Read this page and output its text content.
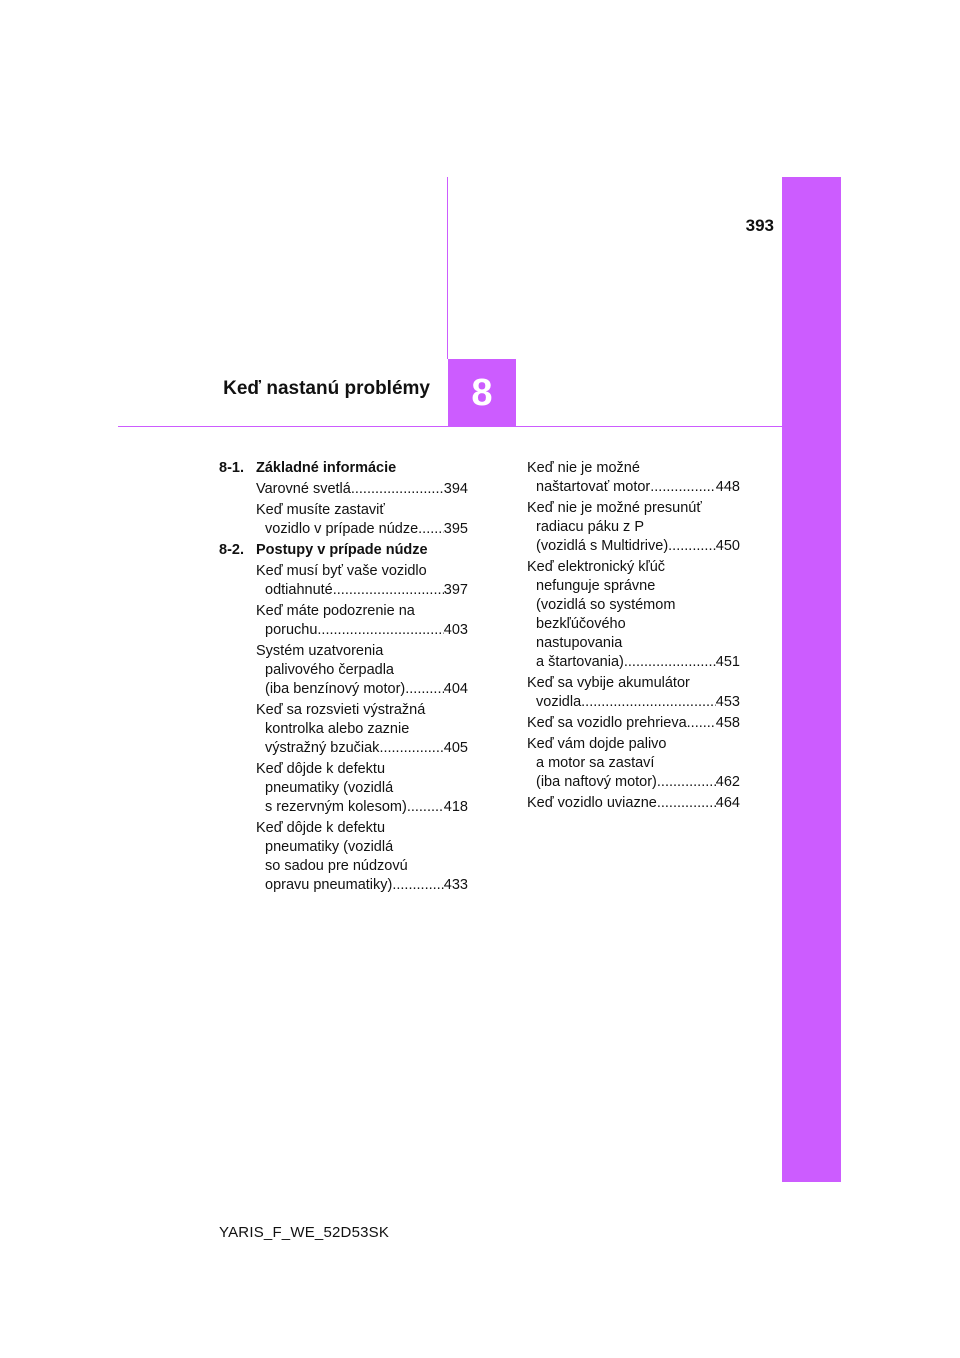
393
Keď nastanú problémy 8
8-1. Základné informácie
Varovné svetlá .....	394
Keď musíte zastaviť
vozidlo v prípade núdze ..... 395
8-2. Postupy v prípade núdze
Keď musí byť vaše vozidlo
odtiahnuté .....	397
Keď máte podozrenie na
poruchu .....	403
Systém uzatvorenia
palivového čerpadla
(iba benzínový motor) .....	404
Keď sa rozsvieti výstražná
kontrolka alebo zaznie
výstražný bzučiak .....	405
Keď dôjde k defektu
pneumatiky (vozidlá
s rezervným kolesom) .....	418
Keď dôjde k defektu
pneumatiky (vozidlá
so sadou pre núdzovú
opravu pneumatiky) .....	433
Keď nie je možné
naštartovať motor .....	448
Keď nie je možné presunúť
radiacu páku z P
(vozidlá s Multidrive) .....	450
Keď elektronický kľúč
nefunguje správne
(vozidlá so systémom
bezkľúčového
nastupovania
a štartovania) .....	451
Keď sa vybije akumulátor
vozidla .....	453
Keď sa vozidlo prehrieva ..... 458
Keď vám dojde palivo
a motor sa zastaví
(iba naftový motor) .....	462
Keď vozidlo uviazne .....	464
YARIS_F_WE_52D53SK
